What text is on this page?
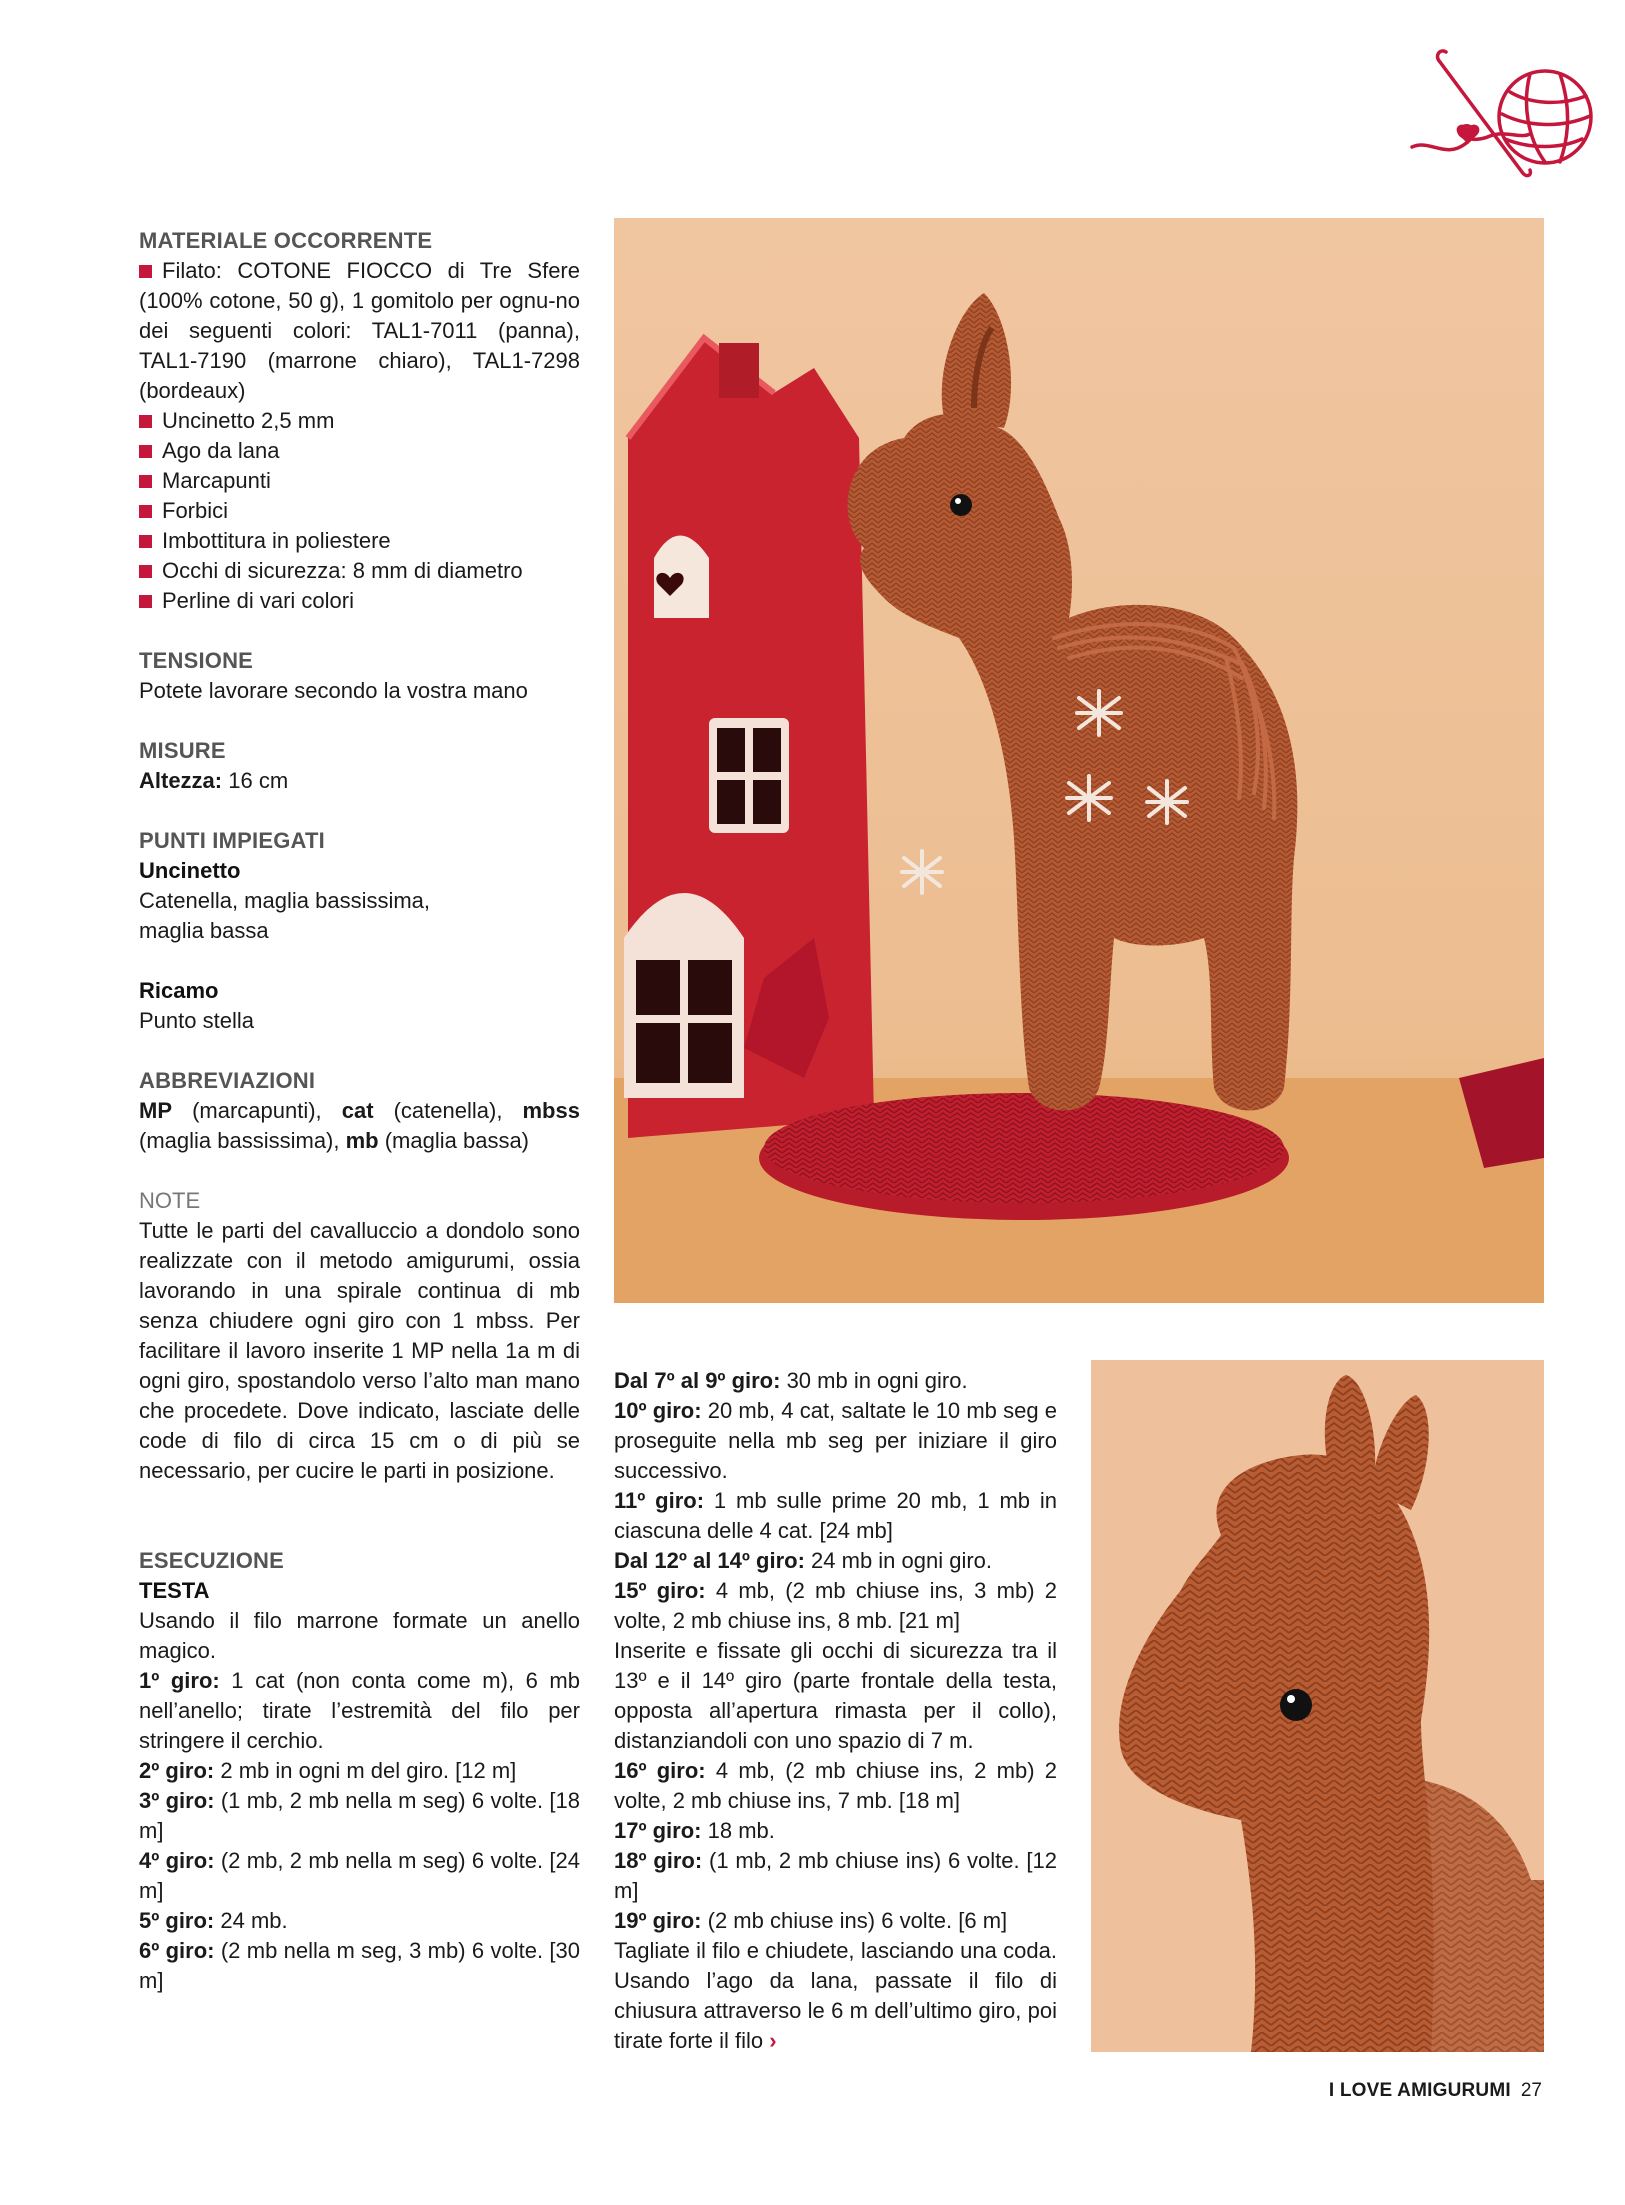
MATERIALE OCCORRENTE

Filato: COTONE FIOCCO di Tre Sfere (100% cotone, 50 g), 1 gomitolo per ognu-no dei seguenti colori: TAL1-7011 (panna), TAL1-7190 (marrone chiaro), TAL1-7298 (bordeaux)

Uncinetto 2,5 mm

Ago da lana

Marcapunti

Forbici

Imbottitura in poliestere

Occhi di sicurezza: 8 mm di diametro

Perline di vari colori

TENSIONE

Potete lavorare secondo la vostra mano

MISURE

Altezza: 16 cm

PUNTI IMPIEGATI

Uncinetto

Catenella, maglia bassissima, maglia bassa

Ricamo

Punto stella

ABBREVIAZIONI

MP (marcapunti), cat (catenella), mbss (maglia bassissima), mb (maglia bassa)

NOTE

Tutte le parti del cavalluccio a dondolo sono realizzate con il metodo amigurumi, ossia lavorando in una spirale continua di mb senza chiudere ogni giro con 1 mbss. Per facilitare il lavoro inserite 1 MP nella 1a m di ogni giro, spostandolo verso l’alto man mano che procedete. Dove indicato, lasciate delle code di filo di circa 15 cm o di più se necessario, per cucire le parti in posizione.

ESECUZIONE

TESTA

Usando il filo marrone formate un anello magico.

1º giro: 1 cat (non conta come m), 6 mb nell’anello; tirate l’estremità del filo per stringere il cerchio.

2º giro: 2 mb in ogni m del giro. [12 m]

3º giro: (1 mb, 2 mb nella m seg) 6 volte. [18 m]

4º giro: (2 mb, 2 mb nella m seg) 6 volte. [24 m]

5º giro: 24 mb.

6º giro: (2 mb nella m seg, 3 mb) 6 volte. [30 m]

Dal 7º al 9º giro: 30 mb in ogni giro.

10º giro: 20 mb, 4 cat, saltate le 10 mb seg e proseguite nella mb seg per iniziare il giro successivo.

11º giro: 1 mb sulle prime 20 mb, 1 mb in ciascuna delle 4 cat. [24 mb]

Dal 12º al 14º giro: 24 mb in ogni giro.

15º giro: 4 mb, (2 mb chiuse ins, 3 mb) 2 volte, 2 mb chiuse ins, 8 mb. [21 m]

Inserite e fissate gli occhi di sicurezza tra il 13º e il 14º giro (parte frontale della testa, opposta all’apertura rimasta per il collo), distanziandoli con uno spazio di 7 m.

16º giro: 4 mb, (2 mb chiuse ins, 2 mb) 2 volte, 2 mb chiuse ins, 7 mb. [18 m]

17º giro: 18 mb.

18º giro: (1 mb, 2 mb chiuse ins) 6 volte. [12 m]

19º giro: (2 mb chiuse ins) 6 volte. [6 m]

Tagliate il filo e chiudete, lasciando una coda. Usando l’ago da lana, passate il filo di chiusura attraverso le 6 m dell’ultimo giro, poi tirate forte il filo ›

I LOVE AMIGURUMI 27
